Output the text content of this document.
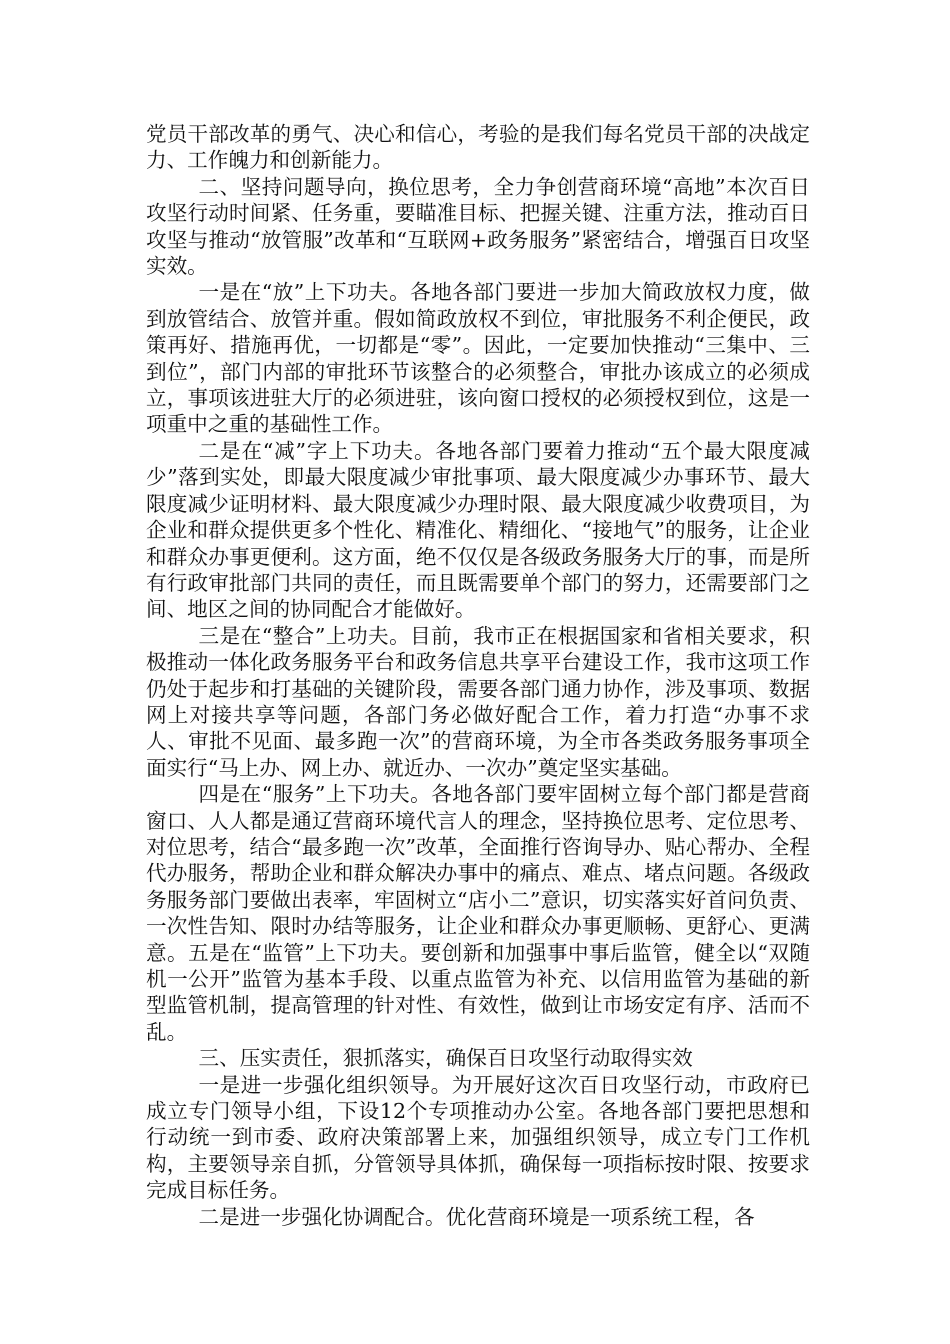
党员干部改革的勇气、决心和信心，考验的是我们每名党员干部的决战定力、工作魄力和创新能力。

二、坚持问题导向，换位思考，全力争创营商环境“高地”本次百日攻坚行动时间紧、任务重，要瞄准目标、把握关键、注重方法，推动百日攻坚与推动“放管服”改革和“互联网+政务服务”紧密结合，增强百日攻坚实效。

一是在“放”上下功夫。各地各部门要进一步加大简政放权力度，做到放管结合、放管并重。假如简政放权不到位，审批服务不利企便民，政策再好、措施再优，一切都是“零”。因此，一定要加快推动“三集中、三到位”，部门内部的审批环节该整合的必须整合，审批办该成立的必须成立，事项该进驻大厅的必须进驻，该向窗口授权的必须授权到位，这是一项重中之重的基础性工作。

二是在“减”字上下功夫。各地各部门要着力推动“五个最大限度减少”落到实处，即最大限度减少审批事项、最大限度减少办事环节、最大限度减少证明材料、最大限度减少办理时限、最大限度减少收费项目，为企业和群众提供更多个性化、精准化、精细化、“接地气”的服务，让企业和群众办事更便利。这方面，绝不仅仅是各级政务服务大厅的事，而是所有行政审批部门共同的责任，而且既需要单个部门的努力，还需要部门之间、地区之间的协同配合才能做好。

三是在“整合”上功夫。目前，我市正在根据国家和省相关要求，积极推动一体化政务服务平台和政务信息共享平台建设工作，我市这项工作仍处于起步和打基础的关键阶段，需要各部门通力协作，涉及事项、数据网上对接共享等问题，各部门务必做好配合工作，着力打造“办事不求人、审批不见面、最多跑一次”的营商环境，为全市各类政务服务事项全面实行“马上办、网上办、就近办、一次办”奠定坚实基础。

四是在“服务”上下功夫。各地各部门要牢固树立每个部门都是营商窗口、人人都是通辽营商环境代言人的理念，坚持换位思考、定位思考、对位思考，结合“最多跑一次”改革，全面推行咨询导办、贴心帮办、全程代办服务，帮助企业和群众解决办事中的痛点、难点、堵点问题。各级政务服务部门要做出表率，牢固树立“店小二”意识，切实落实好首问负责、一次性告知、限时办结等服务，让企业和群众办事更顺畅、更舒心、更满意。五是在“监管”上下功夫。要创新和加强事中事后监管，健全以“双随机一公开”监管为基本手段、以重点监管为补充、以信用监管为基础的新型监管机制，提高管理的针对性、有效性，做到让市场安定有序、活而不乱。

三、压实责任，狠抓落实，确保百日攻坚行动取得实效

一是进一步强化组织领导。为开展好这次百日攻坚行动，市政府已成立专门领导小组，下设12个专项推动办公室。各地各部门要把思想和行动统一到市委、政府决策部署上来，加强组织领导，成立专门工作机构，主要领导亲自抓，分管领导具体抓，确保每一项指标按时限、按要求完成目标任务。

二是进一步强化协调配合。优化营商环境是一项系统工程，各
